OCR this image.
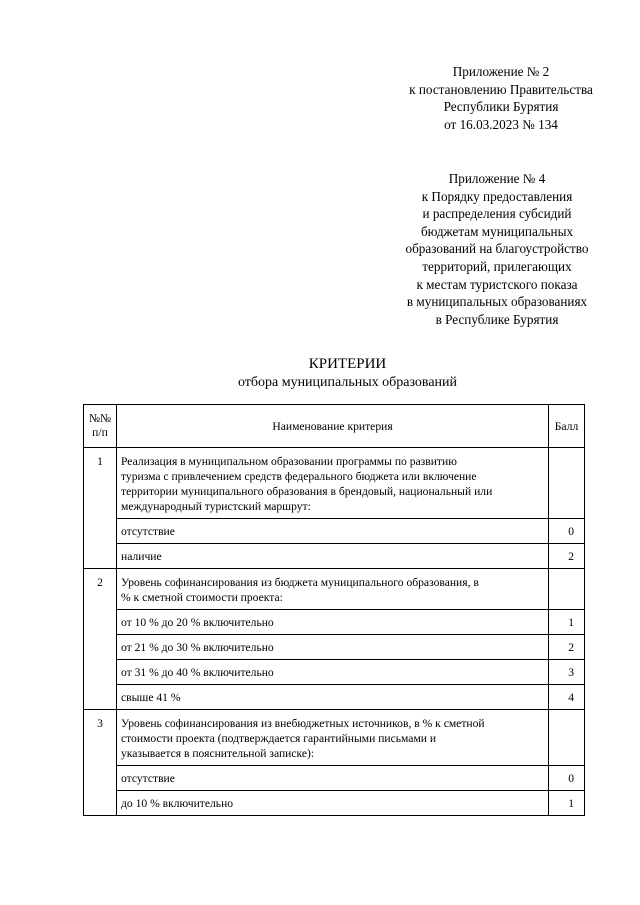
Приложение № 2
к постановлению Правительства
Республики Бурятия
от 16.03.2023 № 134
Приложение № 4
к Порядку предоставления
и распределения субсидий
бюджетам муниципальных
образований на благоустройство
территорий, прилегающих
к местам туристского показа
в муниципальных образованиях
в Республике Бурятия
КРИТЕРИИ
отбора муниципальных образований
№№
п/п	Наименование критерия	Балл
1	Реализация в муниципальном образовании программы по развитию
туризма с привлечением средств федерального бюджета или включение
территории муниципального образования в брендовый, национальный или
международный туристский маршрут:	

	отсутствие	0
	наличие	2
2	Уровень софинансирования из бюджета муниципального образования, в
% к сметной стоимости проекта:	

	от 10 % до 20 % включительно	1
	от 21 % до 30 % включительно	2
	от 31 % до 40 % включительно	3
	свыше 41 %	4
3	Уровень софинансирования из внебюджетных источников, в % к сметной
стоимости проекта (подтверждается гарантийными письмами и
указывается в пояснительной записке):	

	отсутствие	0
	до 10 % включительно	1
